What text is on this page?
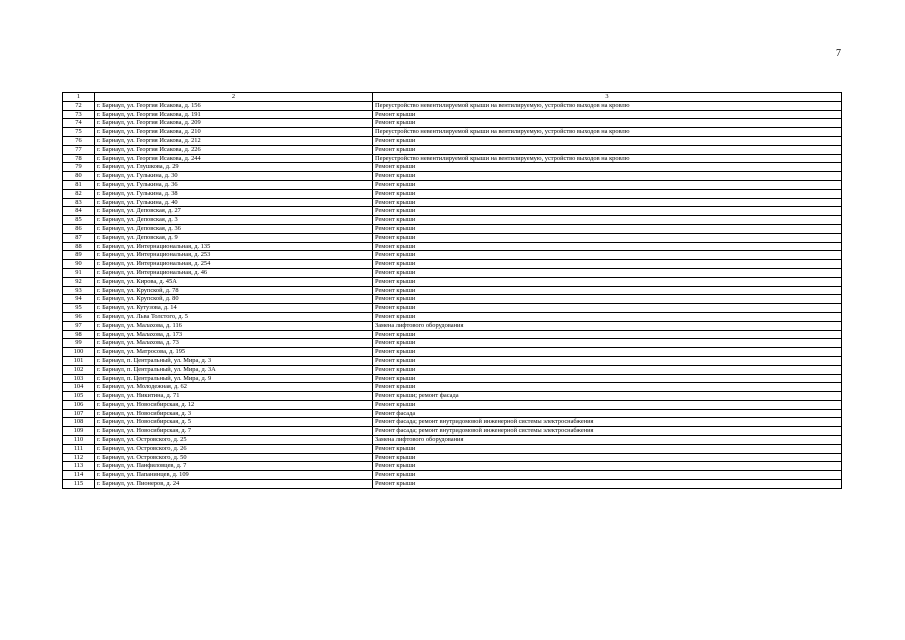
7
1	2	3
72	г. Барнаул, ул. Георгия Исакова, д. 156	Переустройство невентилируемой крыши на вентилируемую, устройство выходов на кровлю
73	г. Барнаул, ул. Георгия Исакова, д. 191	Ремонт крыши
74	г. Барнаул, ул. Георгия Исакова, д. 209	Ремонт крыши
75	г. Барнаул, ул. Георгия Исакова, д. 210	Переустройство невентилируемой крыши на вентилируемую, устройство выходов на кровлю
76	г. Барнаул, ул. Георгия Исакова, д. 212	Ремонт крыши
77	г. Барнаул, ул. Георгия Исакова, д. 226	Ремонт крыши
78	г. Барнаул, ул. Георгия Исакова, д. 244	Переустройство невентилируемой крыши на вентилируемую, устройство выходов на кровлю
79	г. Барнаул, ул. Глушкова, д. 29	Ремонт крыши
80	г. Барнаул, ул. Гулькина, д. 30	Ремонт крыши
81	г. Барнаул, ул. Гулькина, д. 36	Ремонт крыши
82	г. Барнаул, ул. Гулькина, д. 38	Ремонт крыши
83	г. Барнаул, ул. Гулькина, д. 40	Ремонт крыши
84	г. Барнаул, ул. Деповская, д. 27	Ремонт крыши
85	г. Барнаул, ул. Деповская, д. 3	Ремонт крыши
86	г. Барнаул, ул. Деповская, д. 36	Ремонт крыши
87	г. Барнаул, ул. Деповская, д. 9	Ремонт крыши
88	г. Барнаул, ул. Интернациональная, д. 135	Ремонт крыши
89	г. Барнаул, ул. Интернациональная, д. 253	Ремонт крыши
90	г. Барнаул, ул. Интернациональная, д. 254	Ремонт крыши
91	г. Барнаул, ул. Интернациональная, д. 46	Ремонт крыши
92	г. Барнаул, ул. Кирова, д. 45А	Ремонт крыши
93	г. Барнаул, ул. Крупской, д. 78	Ремонт крыши
94	г. Барнаул, ул. Крупской, д. 80	Ремонт крыши
95	г. Барнаул, ул. Кутузова, д. 14	Ремонт крыши
96	г. Барнаул, ул. Льва Толстого, д. 5	Ремонт крыши
97	г. Барнаул, ул. Малахова, д. 116	Замена лифтового оборудования
98	г. Барнаул, ул. Малахова, д. 173	Ремонт крыши
99	г. Барнаул, ул. Малахова, д. 73	Ремонт крыши
100	г. Барнаул, ул. Матросова, д. 195	Ремонт крыши
101	г. Барнаул, п. Центральный, ул. Мира, д. 3	Ремонт крыши
102	г. Барнаул, п. Центральный, ул. Мира, д. 3А	Ремонт крыши
103	г. Барнаул, п. Центральный, ул. Мира, д. 9	Ремонт крыши
104	г. Барнаул, ул. Молодежная, д. 62	Ремонт крыши
105	г. Барнаул, ул. Никитина, д. 71	Ремонт крыши; ремонт фасада
106	г. Барнаул, ул. Новосибирская, д. 12	Ремонт крыши
107	г. Барнаул, ул. Новосибирская, д. 3	Ремонт фасада
108	г. Барнаул, ул. Новосибирская, д. 5	Ремонт фасада; ремонт внутридомовой инженерной системы электроснабжения
109	г. Барнаул, ул. Новосибирская, д. 7	Ремонт фасада; ремонт внутридомовой инженерной системы электроснабжения
110	г. Барнаул, ул. Островского, д. 25	Замена лифтового оборудования
111	г. Барнаул, ул. Островского, д. 26	Ремонт крыши
112	г. Барнаул, ул. Островского, д. 50	Ремонт крыши
113	г. Барнаул, ул. Панфиловцев, д. 7	Ремонт крыши
114	г. Барнаул, ул. Папанинцев, д. 109	Ремонт крыши
115	г. Барнаул, ул. Пионеров, д. 24	Ремонт крыши
